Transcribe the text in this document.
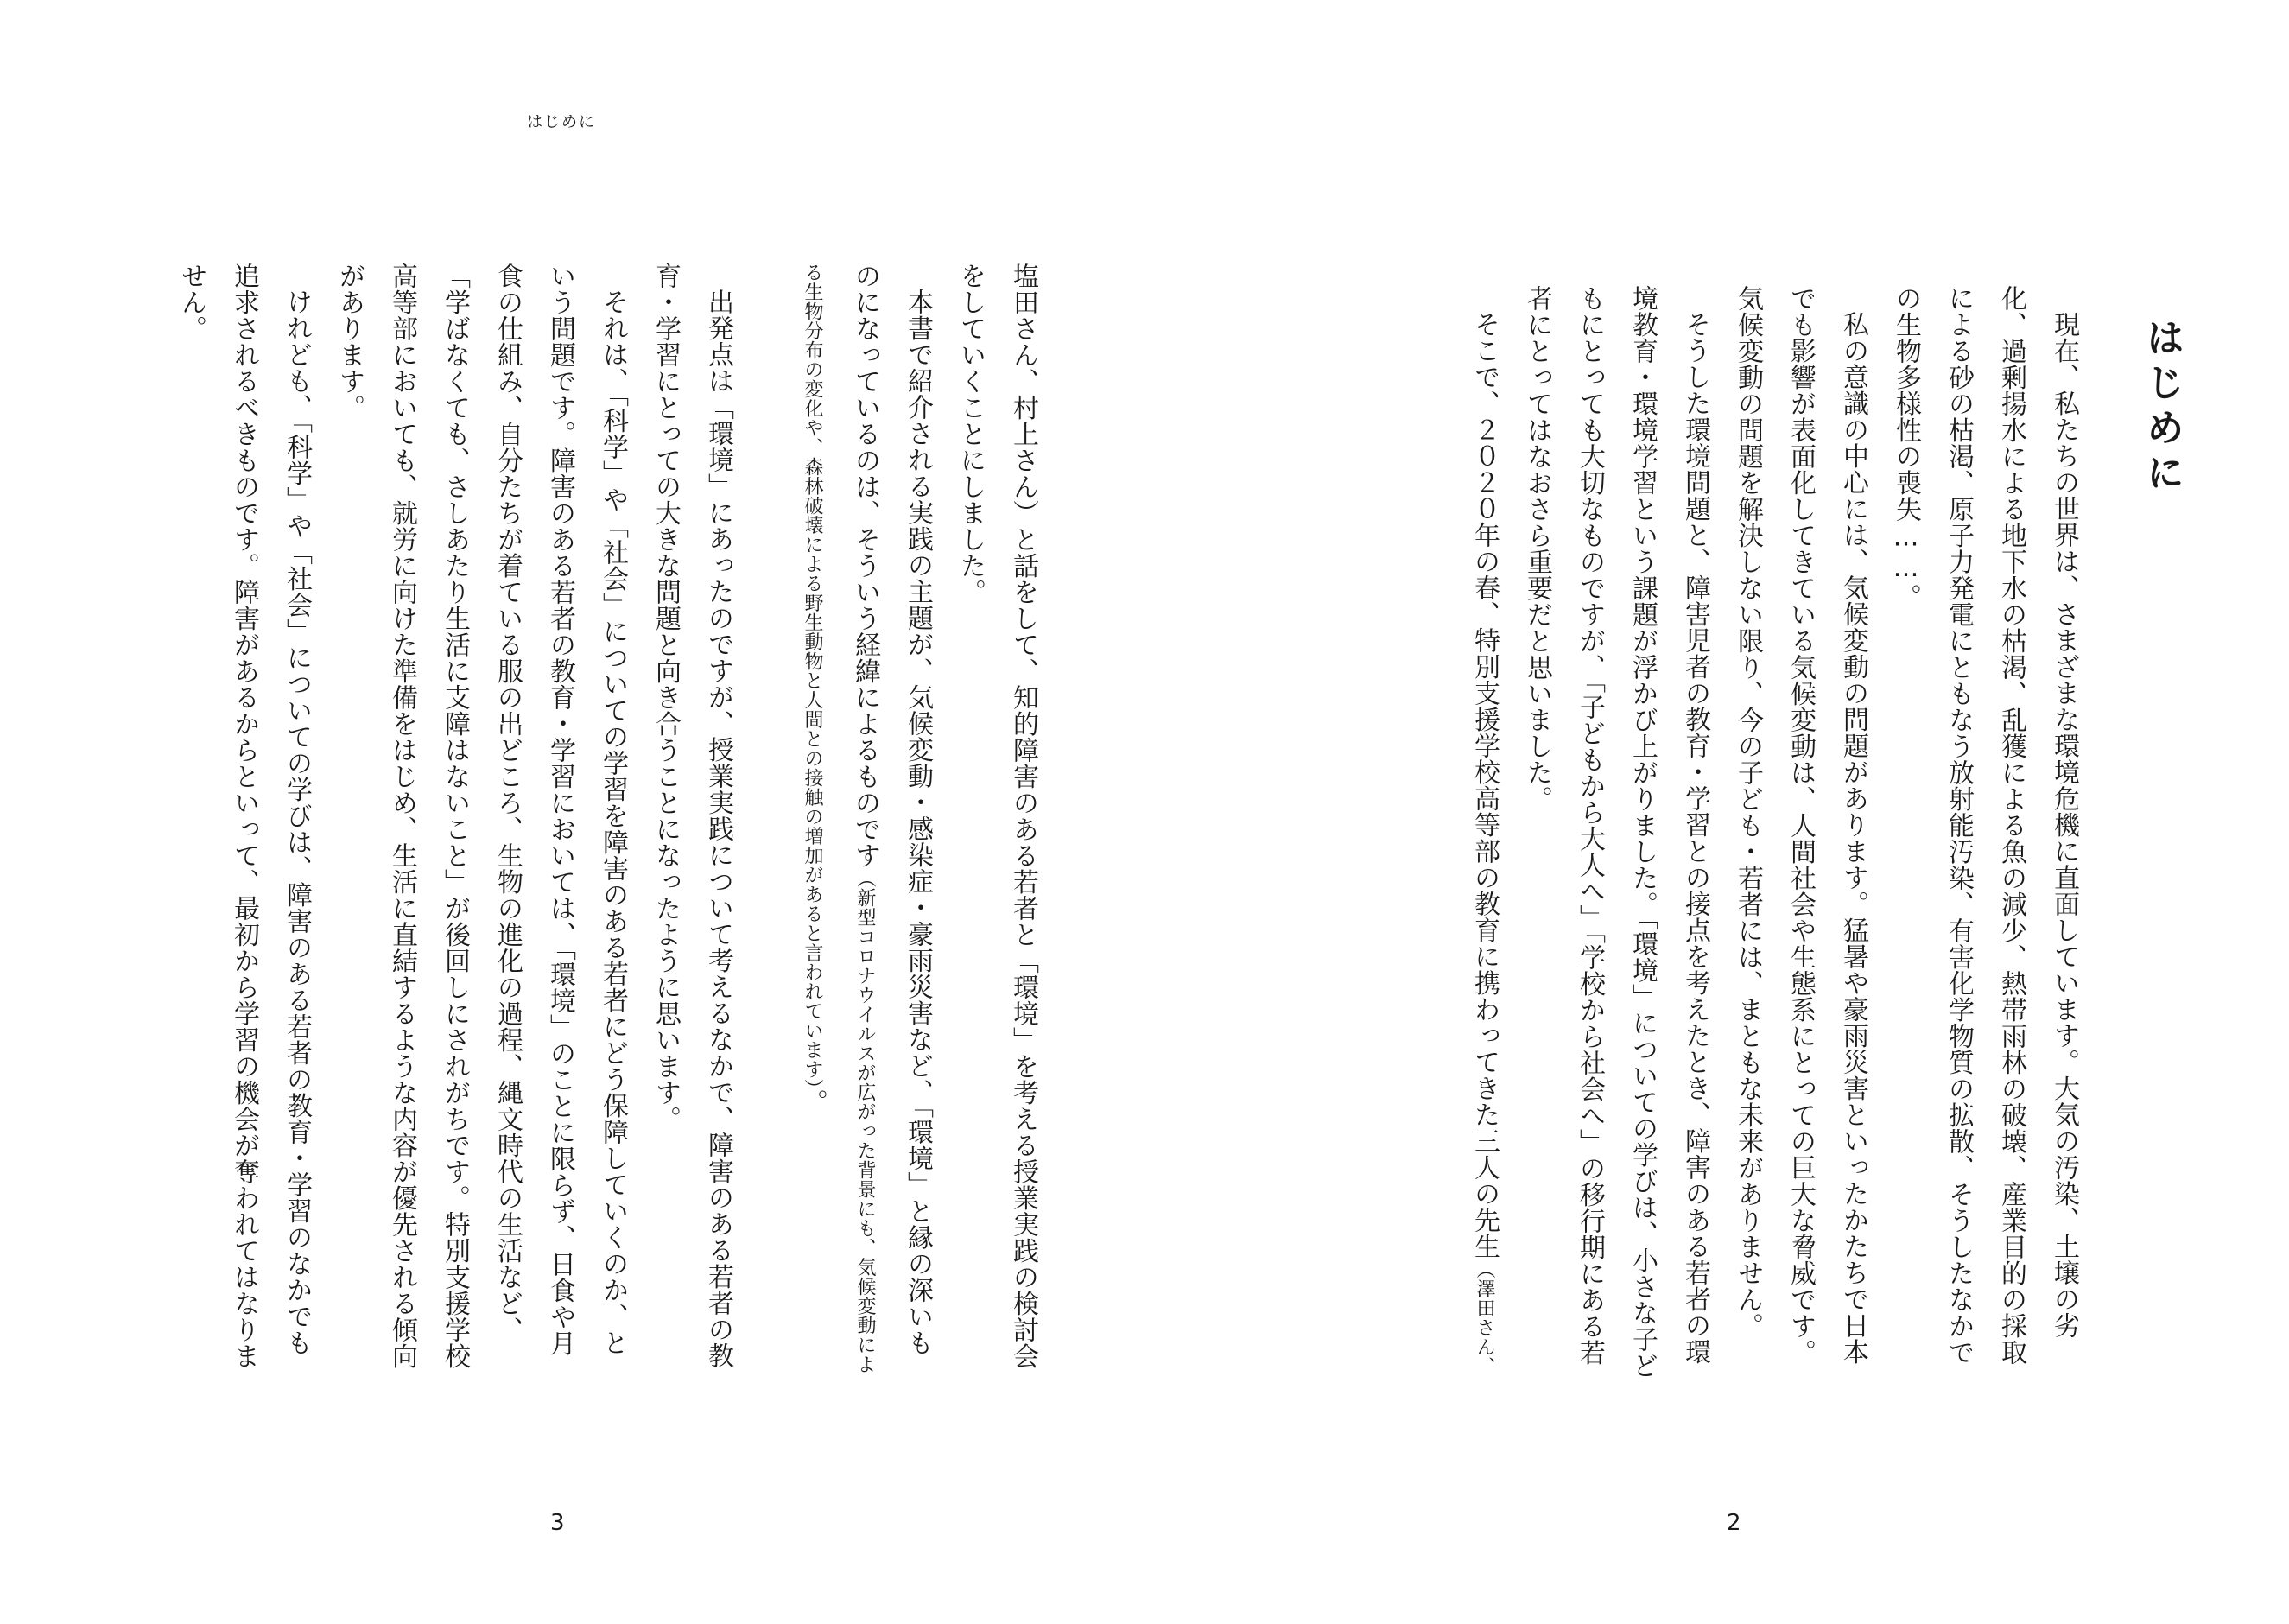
はじめに

塩田さん、村上さん）と話をして、知的障害のある若者と「環境」を考える授業実践の検討会をしていくことにしました。

本書で紹介される実践の主題が、気候変動・感染症・豪雨災害など、「環境」と縁の深いものになっているのは、そういう経緯によるものです（新型コロナウイルスが広がった背景にも、気候変動による生物分布の変化や、森林破壊による野生動物と人間との接触の増加があると言われています）。

出発点は「環境」にあったのですが、授業実践について考えるなかで、障害のある若者の教育・学習にとっての大きな問題と向き合うことになったように思います。

それは、「科学」や「社会」についての学習を障害のある若者にどう保障していくのか、という問題です。障害のある若者の教育・学習においては、「環境」のことに限らず、日食や月食の仕組み、自分たちが着ている服の出どころ、生物の進化の過程、縄文時代の生活など、「学ばなくても、さしあたり生活に支障はないこと」が後回しにされがちです。特別支援学校高等部においても、就労に向けた準備をはじめ、生活に直結するような内容が優先される傾向があります。

けれども、「科学」や「社会」についての学びは、障害のある若者の教育・学習のなかでも追求されるべきものです。障害があるからといって、最初から学習の機会が奪われてはなりません。

3
はじめに

現在、私たちの世界は、さまざまな環境危機に直面しています。大気の汚染、土壌の劣化、過剰揚水による地下水の枯渇、乱獲による魚の減少、熱帯雨林の破壊、産業目的の採取による砂の枯渇、原子力発電にともなう放射能汚染、有害化学物質の拡散、そうしたなかでの生物多様性の喪失……。

私の意識の中心には、気候変動の問題があります。猛暑や豪雨災害といったかたちで日本でも影響が表面化してきている気候変動は、人間社会や生態系にとっての巨大な脅威です。気候変動の問題を解決しない限り、今の子ども・若者には、まともな未来がありません。

そうした環境問題と、障害児者の教育・学習との接点を考えたとき、障害のある若者の環境教育・環境学習という課題が浮かび上がりました。「環境」についての学びは、小さな子どもにとっても大切なものですが、「子どもから大人へ」「学校から社会へ」の移行期にある若者にとってはなおさら重要だと思いました。

そこで、２０２０年の春、特別支援学校高等部の教育に携わってきた三人の先生（澤田さん、

2
